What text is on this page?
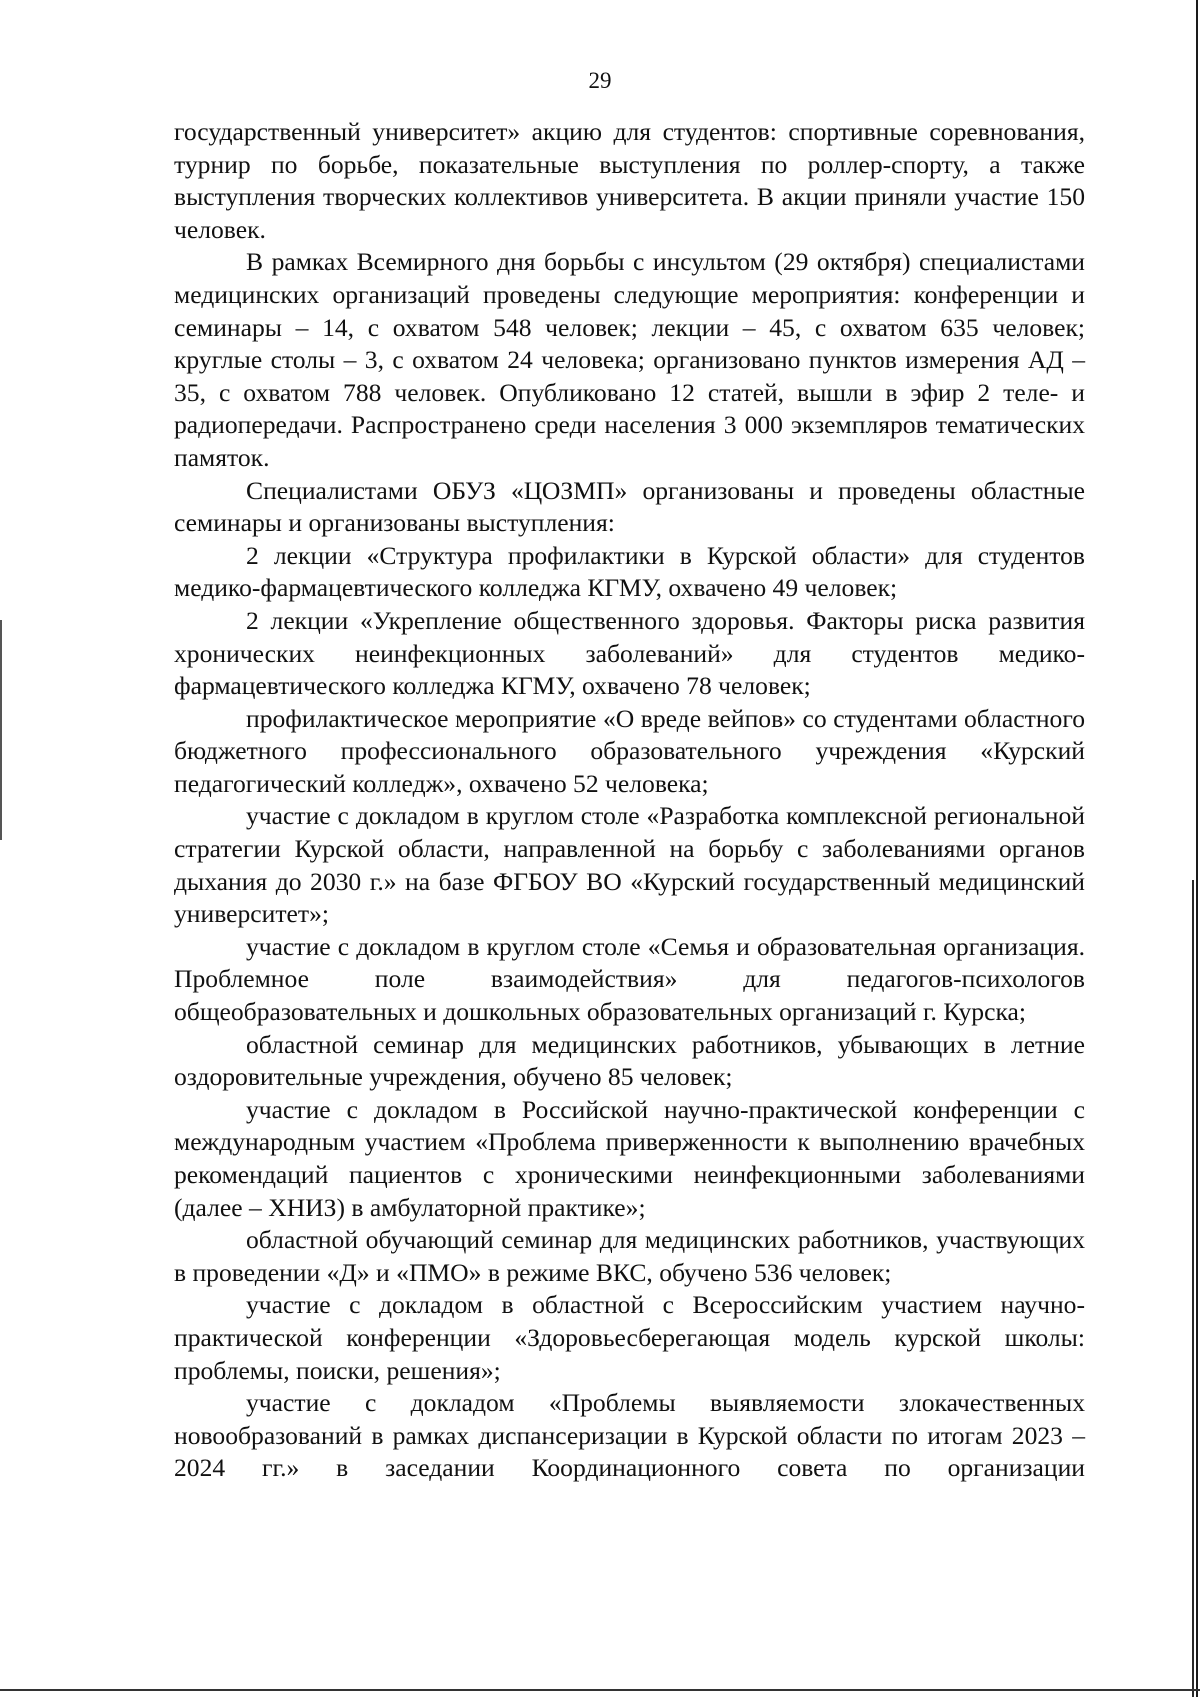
29

государственный университет» акцию для студентов: спортивные соревнования, турнир по борьбе, показательные выступления по роллер-спорту, а также выступления творческих коллективов университета. В акции приняли участие 150 человек.

В рамках Всемирного дня борьбы с инсультом (29 октября) специалистами медицинских организаций проведены следующие мероприятия: конференции и семинары – 14, с охватом 548 человек; лекции – 45, с охватом 635 человек; круглые столы – 3, с охватом 24 человека; организовано пунктов измерения АД – 35, с охватом 788 человек. Опубликовано 12 статей, вышли в эфир 2 теле- и радиопередачи. Распространено среди населения 3 000 экземпляров тематических памяток.

Специалистами ОБУЗ «ЦОЗМП» организованы и проведены областные семинары и организованы выступления:

2 лекции «Структура профилактики в Курской области» для студентов медико-фармацевтического колледжа КГМУ, охвачено 49 человек;

2 лекции «Укрепление общественного здоровья. Факторы риска развития хронических неинфекционных заболеваний» для студентов медико-фармацевтического колледжа КГМУ, охвачено 78 человек;

профилактическое мероприятие «О вреде вейпов» со студентами областного бюджетного профессионального образовательного учреждения «Курский педагогический колледж», охвачено 52 человека;

участие с докладом в круглом столе «Разработка комплексной региональной стратегии Курской области, направленной на борьбу с заболеваниями органов дыхания до 2030 г.» на базе ФГБОУ ВО «Курский государственный медицинский университет»;

участие с докладом в круглом столе «Семья и образовательная организация. Проблемное поле взаимодействия» для педагогов-психологов общеобразовательных и дошкольных образовательных организаций г. Курска;

областной семинар для медицинских работников, убывающих в летние оздоровительные учреждения, обучено 85 человек;

участие с докладом в Российской научно-практической конференции с международным участием «Проблема приверженности к выполнению врачебных рекомендаций пациентов с хроническими неинфекционными заболеваниями (далее – ХНИЗ) в амбулаторной практике»;

областной обучающий семинар для медицинских работников, участвующих в проведении «Д» и «ПМО» в режиме ВКС, обучено 536 человек;

участие с докладом в областной с Всероссийским участием научно-практической конференции «Здоровьесберегающая модель курской школы: проблемы, поиски, решения»;

участие с докладом «Проблемы выявляемости злокачественных новообразований в рамках диспансеризации в Курской области по итогам 2023 – 2024 гг.» в заседании Координационного совета по организации
